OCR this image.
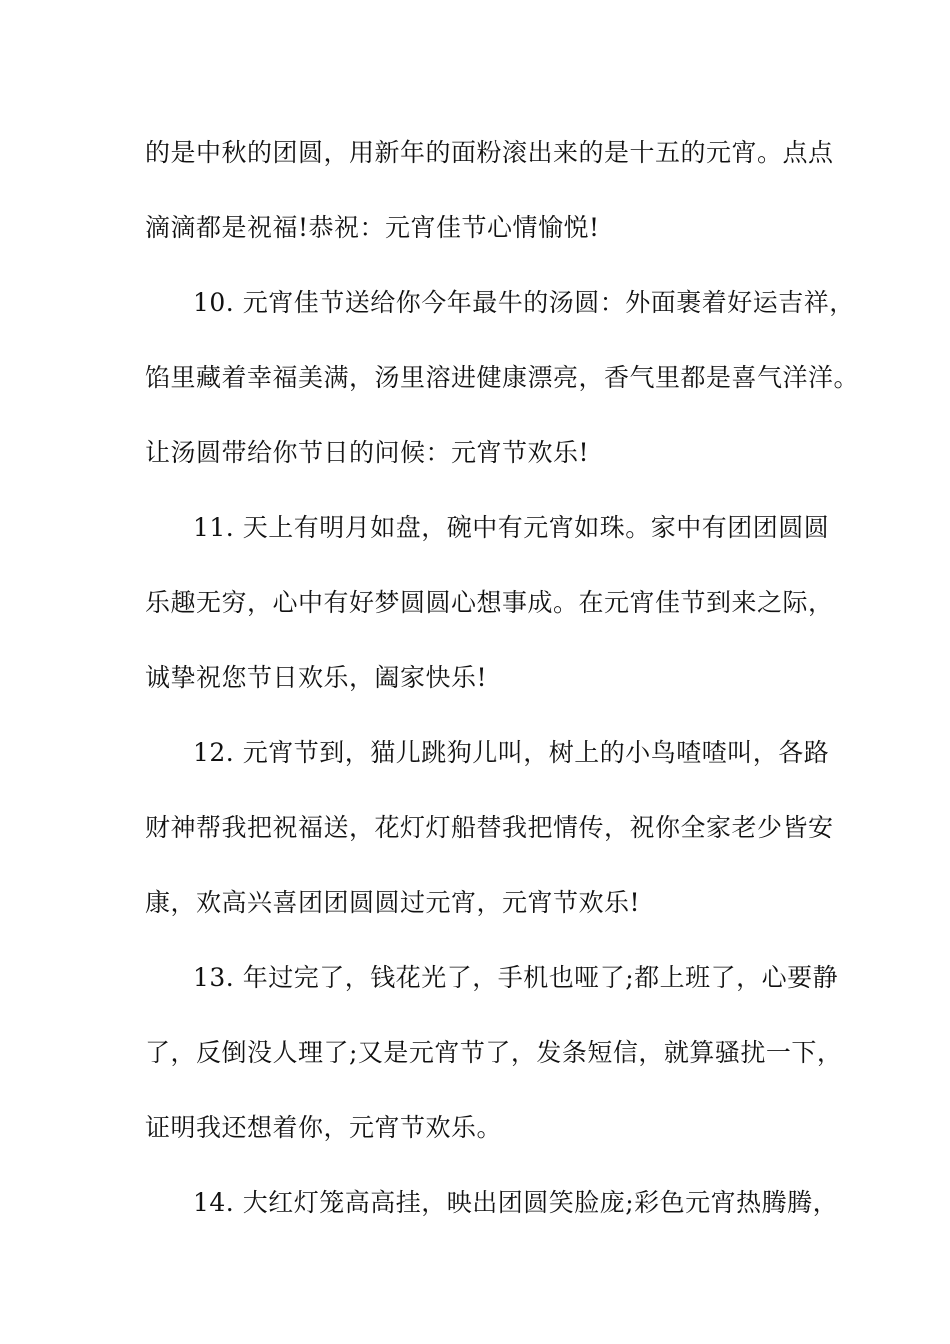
的是中秋的团圆，用新年的面粉滚出来的是十五的元宵。点点
滴滴都是祝福!恭祝：元宵佳节心情愉悦!
10. 元宵佳节送给你今年最牛的汤圆：外面裹着好运吉祥，
馅里藏着幸福美满，汤里溶进健康漂亮，香气里都是喜气洋洋。
让汤圆带给你节日的问候：元宵节欢乐!
11. 天上有明月如盘，碗中有元宵如珠。家中有团团圆圆
乐趣无穷，心中有好梦圆圆心想事成。在元宵佳节到来之际，
诚挚祝您节日欢乐，阖家快乐!
12. 元宵节到，猫儿跳狗儿叫，树上的小鸟喳喳叫，各路
财神帮我把祝福送，花灯灯船替我把情传，祝你全家老少皆安
康，欢高兴喜团团圆圆过元宵，元宵节欢乐!
13. 年过完了，钱花光了，手机也哑了;都上班了，心要静
了，反倒没人理了;又是元宵节了，发条短信，就算骚扰一下，
证明我还想着你，元宵节欢乐。
14. 大红灯笼高高挂，映出团圆笑脸庞;彩色元宵热腾腾，
